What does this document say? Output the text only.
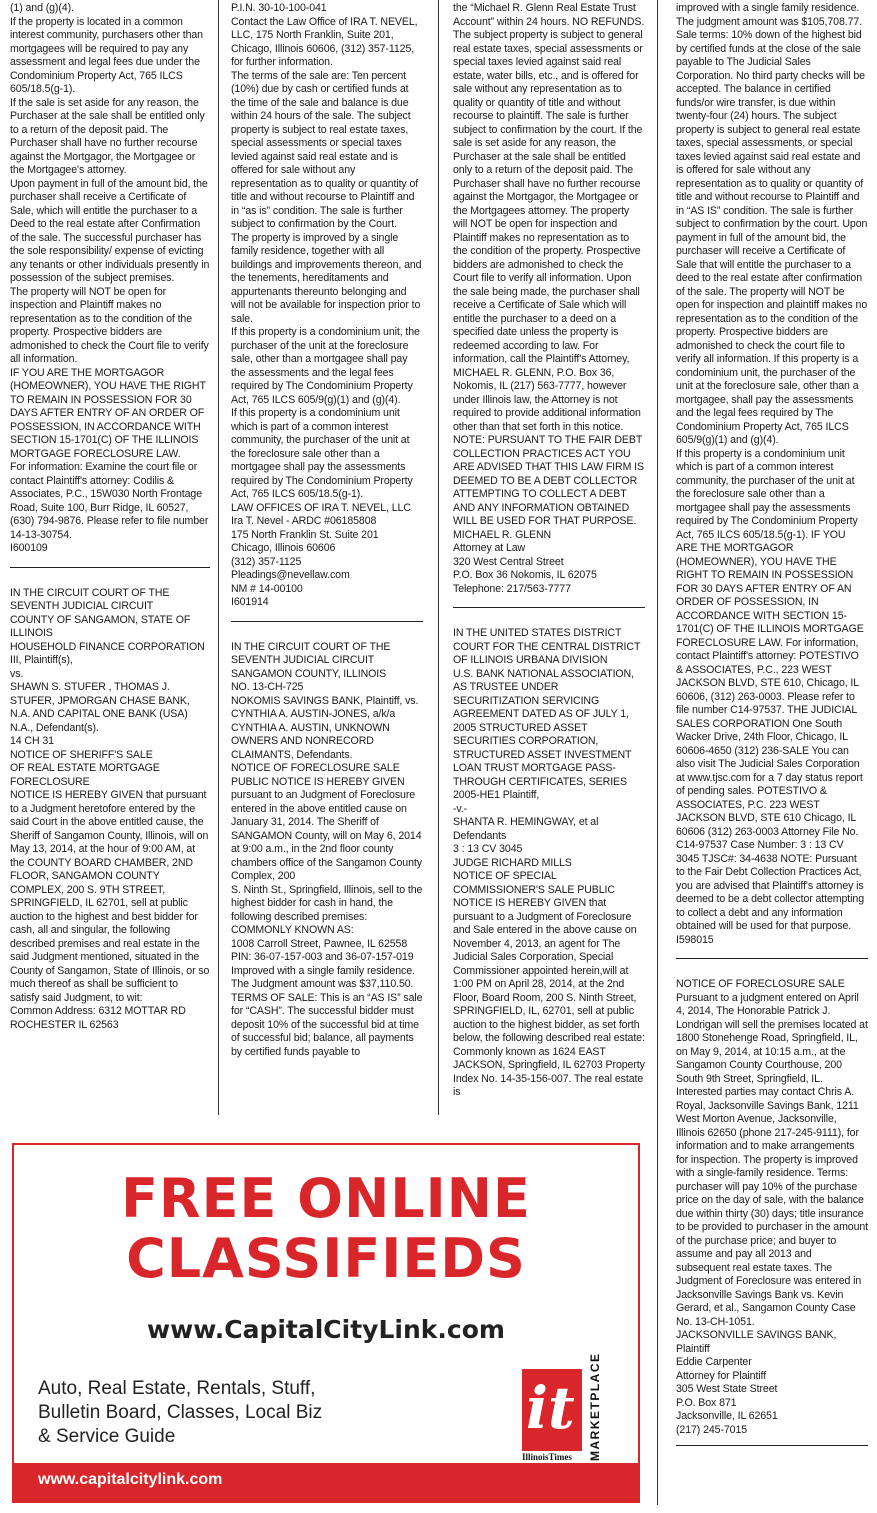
(1) and (g)(4).
If the property is located in a common interest community, purchasers other than mortgagees will be required to pay any assessment and legal fees due under the Condominium Property Act, 765 ILCS 605/18.5(g-1).
If the sale is set aside for any reason, the Purchaser at the sale shall be entitled only to a return of the deposit paid. The Purchaser shall have no further recourse against the Mortgagor, the Mortgagee or the Mortgagee's attorney.
Upon payment in full of the amount bid, the purchaser shall receive a Certificate of Sale, which will entitle the purchaser to a Deed to the real estate after Confirmation of the sale. The successful purchaser has the sole responsibility/ expense of evicting any tenants or other individuals presently in possession of the subject premises.
The property will NOT be open for inspection and Plaintiff makes no representation as to the condition of the property. Prospective bidders are admonished to check the Court file to verify all information.
IF YOU ARE THE MORTGAGOR (HOMEOWNER), YOU HAVE THE RIGHT TO REMAIN IN POSSESSION FOR 30 DAYS AFTER ENTRY OF AN ORDER OF POSSESSION, IN ACCORDANCE WITH SECTION 15-1701(C) OF THE ILLINOIS MORTGAGE FORECLOSURE LAW.
For information: Examine the court file or contact Plaintiff's attorney: Codilis & Associates, P.C., 15W030 North Frontage Road, Suite 100, Burr Ridge, IL 60527, (630) 794-9876. Please refer to file number 14-13-30754.
I600109

IN THE CIRCUIT COURT OF THE SEVENTH JUDICIAL CIRCUIT
COUNTY OF SANGAMON, STATE OF ILLINOIS
HOUSEHOLD FINANCE CORPORATION III, Plaintiff(s),
vs.
SHAWN S. STUFER , THOMAS J. STUFER, JPMORGAN CHASE BANK, N.A. AND CAPITAL ONE BANK (USA) N.A., Defendant(s).
14 CH 31
NOTICE OF SHERIFF'S SALE
OF REAL ESTATE MORTGAGE FORECLOSURE
NOTICE IS HEREBY GIVEN that pursuant to a Judgment heretofore entered by the said Court in the above entitled cause, the Sheriff of Sangamon County, Illinois, will on May 13, 2014, at the hour of 9:00 AM, at the COUNTY BOARD CHAMBER, 2ND FLOOR, SANGAMON COUNTY COMPLEX, 200 S. 9TH STREET, SPRINGFIELD, IL 62701, sell at public auction to the highest and best bidder for cash, all and singular, the following described premises and real estate in the said Judgment mentioned, situated in the County of Sangamon, State of Illinois, or so much thereof as shall be sufficient to satisfy said Judgment, to wit:
Common Address: 6312 MOTTAR RD ROCHESTER IL 62563

P.I.N. 30-10-100-041
Contact the Law Office of IRA T. NEVEL, LLC, 175 North Franklin, Suite 201, Chicago, Illinois 60606, (312) 357-1125, for further information.
The terms of the sale are: Ten percent (10%) due by cash or certified funds at the time of the sale and balance is due within 24 hours of the sale. The subject property is subject to real estate taxes, special assessments or special taxes levied against said real estate and is offered for sale without any representation as to quality or quantity of title and without recourse to Plaintiff and in “as is” condition. The sale is further subject to confirmation by the Court.
The property is improved by a single family residence, together with all buildings and improvements thereon, and the tenements, hereditaments and appurtenants thereunto belonging and will not be available for inspection prior to sale.
If this property is a condominium unit, the purchaser of the unit at the foreclosure sale, other than a mortgagee shall pay the assessments and the legal fees required by The Condominium Property Act, 765 ILCS 605/9(g)(1) and (g)(4).
If this property is a condominium unit which is part of a common interest community, the purchaser of the unit at the foreclosure sale other than a mortgagee shall pay the assessments required by The Condominium Property Act, 765 ILCS 605/18.5(g-1).
LAW OFFICES OF IRA T. NEVEL, LLC
Ira T. Nevel - ARDC #06185808
175 North Franklin St. Suite 201
Chicago, Illinois 60606
(312) 357-1125
Pleadings@nevellaw.com
NM # 14-00100
I601914

IN THE CIRCUIT COURT OF THE SEVENTH JUDICIAL CIRCUIT SANGAMON COUNTY, ILLINOIS
NO. 13-CH-725
NOKOMIS SAVINGS BANK, Plaintiff, vs. CYNTHIA A. AUSTIN-JONES, a/k/a CYNTHIA A. AUSTIN, UNKNOWN OWNERS AND NONRECORD CLAIMANTS, Defendants.
NOTICE OF FORECLOSURE SALE
PUBLIC NOTICE IS HEREBY GIVEN pursuant to an Judgment of Foreclosure entered in the above entitled cause on January 31, 2014. The Sheriff of SANGAMON County, will on May 6, 2014 at 9:00 a.m., in the 2nd floor county chambers office of the Sangamon County Complex, 200
S. Ninth St., Springfield, Illinois, sell to the highest bidder for cash in hand, the following described premises:
COMMONLY KNOWN AS:
1008 Carroll Street, Pawnee, IL 62558
PIN: 36-07-157-003 and 36-07-157-019
Improved with a single family residence.
The Judgment amount was $37,110.50.
TERMS OF SALE: This is an “AS IS” sale for “CASH”. The successful bidder must deposit 10% of the successful bid at time of successful bid; balance, all payments by certified funds payable to

the “Michael R. Glenn Real Estate Trust Account” within 24 hours. NO REFUNDS. The subject property is subject to general real estate taxes, special assessments or special taxes levied against said real estate, water bills, etc., and is offered for sale without any representation as to quality or quantity of title and without recourse to plaintiff. The sale is further subject to confirmation by the court. If the sale is set aside for any reason, the Purchaser at the sale shall be entitled only to a return of the deposit paid. The Purchaser shall have no further recourse against the Mortgagor, the Mortgagee or the Mortgagees attorney. The property will NOT be open for inspection and Plaintiff makes no representation as to the condition of the property. Prospective bidders are admonished to check the Court file to verify all information. Upon the sale being made, the purchaser shall receive a Certificate of Sale which will entitle the purchaser to a deed on a specified date unless the property is redeemed according to law. For information, call the Plaintiff's Attorney, MICHAEL R. GLENN, P.O. Box 36, Nokomis, IL (217) 563-7777, however under Illinois law, the Attorney is not required to provide additional information other than that set forth in this notice. NOTE: PURSUANT TO THE FAIR DEBT COLLECTION PRACTICES ACT YOU ARE ADVISED THAT THIS LAW FIRM IS DEEMED TO BE A DEBT COLLECTOR
ATTEMPTING TO COLLECT A DEBT AND ANY INFORMATION OBTAINED WILL BE USED FOR THAT PURPOSE.
MICHAEL R. GLENN
Attorney at Law
320 West Central Street
P.O. Box 36 Nokomis, IL 62075
Telephone: 217/563-7777

IN THE UNITED STATES DISTRICT COURT FOR THE CENTRAL DISTRICT OF ILLINOIS URBANA DIVISION
U.S. BANK NATIONAL ASSOCIATION, AS TRUSTEE UNDER SECURITIZATION SERVICING AGREEMENT DATED AS OF JULY 1, 2005 STRUCTURED ASSET SECURITIES CORPORATION, STRUCTURED ASSET INVESTMENT LOAN TRUST MORTGAGE PASS-THROUGH CERTIFICATES, SERIES 2005-HE1 Plaintiff,
-v.-
SHANTA R. HEMINGWAY, et al Defendants
3 : 13 CV 3045
JUDGE RICHARD MILLS
NOTICE OF SPECIAL COMMISSIONER'S SALE PUBLIC NOTICE IS HEREBY GIVEN that pursuant to a Judgment of Foreclosure and Sale entered in the above cause on November 4, 2013, an agent for The Judicial Sales Corporation, Special Commissioner appointed herein,will at 1:00 PM on April 28, 2014, at the 2nd Floor, Board Room, 200 S. Ninth Street, SPRINGFIELD, IL, 62701, sell at public auction to the highest bidder, as set forth below, the following described real estate:
Commonly known as 1624 EAST JACKSON, Springfield, IL 62703 Property Index No. 14-35-156-007. The real estate is

improved with a single family residence. The judgment amount was $105,708.77. Sale terms: 10% down of the highest bid by certified funds at the close of the sale payable to The Judicial Sales Corporation. No third party checks will be accepted. The balance in certified funds/or wire transfer, is due within twenty-four (24) hours. The subject property is subject to general real estate taxes, special assessments, or special taxes levied against said real estate and is offered for sale without any representation as to quality or quantity of title and without recourse to Plaintiff and in “AS IS” condition. The sale is further subject to confirmation by the court. Upon payment in full of the amount bid, the purchaser will receive a Certificate of Sale that will entitle the purchaser to a deed to the real estate after confirmation of the sale. The property will NOT be open for inspection and plaintiff makes no representation as to the condition of the property. Prospective bidders are admonished to check the court file to verify all information. If this property is a condominium unit, the purchaser of the unit at the foreclosure sale, other than a mortgagee, shall pay the assessments and the legal fees required by The Condominium Property Act, 765 ILCS 605/9(g)(1) and (g)(4).
If this property is a condominium unit which is part of a common interest community, the purchaser of the unit at the foreclosure sale other than a mortgagee shall pay the assessments required by The Condominium Property Act, 765 ILCS 605/18.5(g-1). IF YOU ARE THE MORTGAGOR (HOMEOWNER), YOU HAVE THE RIGHT TO REMAIN IN POSSESSION FOR 30 DAYS AFTER ENTRY OF AN ORDER OF POSSESSION, IN ACCORDANCE WITH SECTION 15-1701(C) OF THE ILLINOIS MORTGAGE FORECLOSURE LAW. For information, contact Plaintiff's attorney: POTESTIVO & ASSOCIATES, P.C., 223 WEST JACKSON BLVD, STE 610, Chicago, IL 60606, (312) 263-0003. Please refer to file number C14-97537. THE JUDICIAL SALES CORPORATION One South Wacker Drive, 24th Floor, Chicago, IL 60606-4650 (312) 236-SALE You can also visit The Judicial Sales Corporation at www.tjsc.com for a 7 day status report of pending sales. POTESTIVO & ASSOCIATES, P.C. 223 WEST JACKSON BLVD, STE 610 Chicago, IL 60606 (312) 263-0003 Attorney File No. C14-97537 Case Number: 3 : 13 CV 3045 TJSC#: 34-4638 NOTE: Pursuant to the Fair Debt Collection Practices Act, you are advised that Plaintiff's attorney is deemed to be a debt collector attempting to collect a debt and any information obtained will be used for that purpose.
I598015

NOTICE OF FORECLOSURE SALE
Pursuant to a judgment entered on April 4, 2014, The Honorable Patrick J. Londrigan will sell the premises located at 1800 Stonehenge Road, Springfield, IL, on May 9, 2014, at 10:15 a.m., at the Sangamon County Courthouse, 200 South 9th Street, Springfield, IL. Interested parties may contact Chris A. Royal, Jacksonville Savings Bank, 1211 West Morton Avenue, Jacksonville, Illinois 62650 (phone 217-245-9111), for information and to make arrangements for inspection. The property is improved with a single-family residence. Terms: purchaser will pay 10% of the purchase price on the day of sale, with the balance due within thirty (30) days; title insurance to be provided to purchaser in the amount of the purchase price; and buyer to assume and pay all 2013 and subsequent real estate taxes. The Judgment of Foreclosure was entered in Jacksonville Savings Bank vs. Kevin Gerard, et al., Sangamon County Case No. 13-CH-1051.
JACKSONVILLE SAVINGS BANK, Plaintiff
Eddie Carpenter
Attorney for Plaintiff
305 West State Street
P.O. Box 871
Jacksonville, IL 62651
(217) 245-7015

FREE ONLINE
CLASSIFIEDS
www.CapitalCityLink.com
Auto, Real Estate, Rentals, Stuff,
Bulletin Board, Classes, Local Biz
& Service Guide	it
IllinoisTimes MARKETPLACE
www.capitalcitylink.com
